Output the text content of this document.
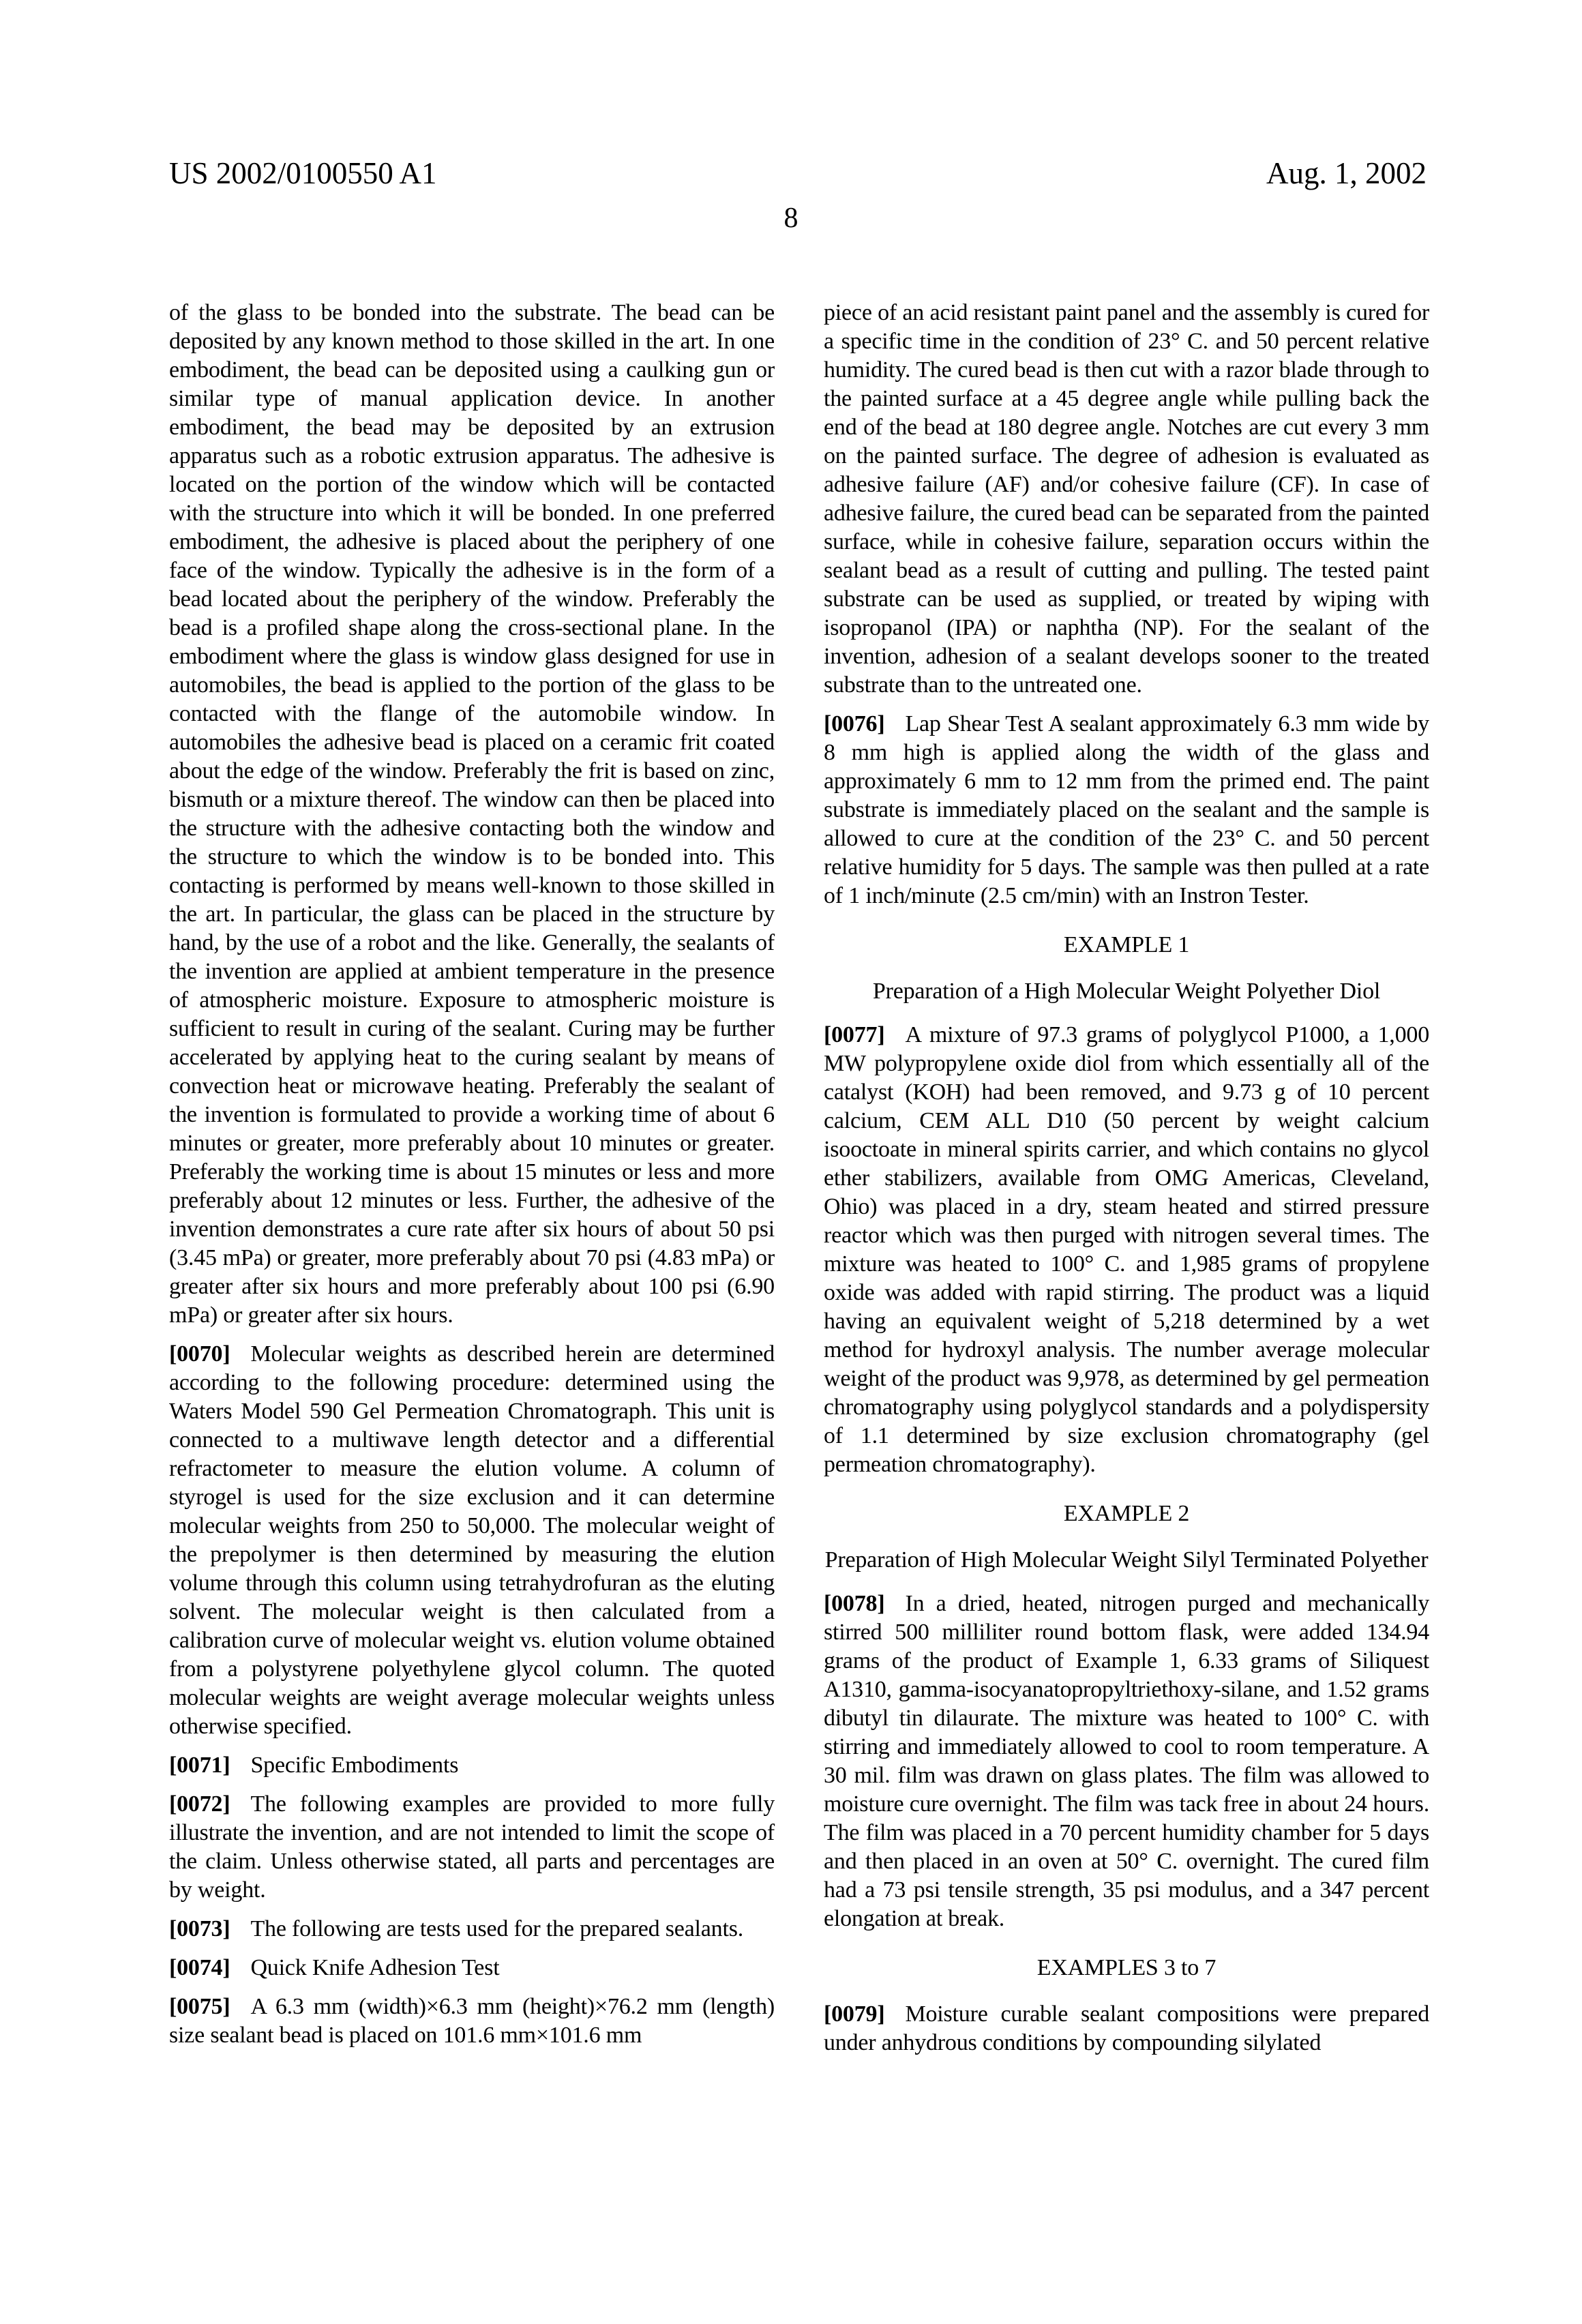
US 2002/0100550 A1	Aug. 1, 2002
8

of the glass to be bonded into the substrate. The bead can be deposited by any known method to those skilled in the art. In one embodiment, the bead can be deposited using a caulking gun or similar type of manual application device. In another embodiment, the bead may be deposited by an extrusion apparatus such as a robotic extrusion apparatus. The adhesive is located on the portion of the window which will be contacted with the structure into which it will be bonded. In one preferred embodiment, the adhesive is placed about the periphery of one face of the window. Typically the adhesive is in the form of a bead located about the periphery of the window. Preferably the bead is a profiled shape along the cross-sectional plane. In the embodiment where the glass is window glass designed for use in automobiles, the bead is applied to the portion of the glass to be contacted with the flange of the automobile window. In automobiles the adhesive bead is placed on a ceramic frit coated about the edge of the window. Preferably the frit is based on zinc, bismuth or a mixture thereof. The window can then be placed into the structure with the adhesive contacting both the window and the structure to which the window is to be bonded into. This contacting is performed by means well-known to those skilled in the art. In particular, the glass can be placed in the structure by hand, by the use of a robot and the like. Generally, the sealants of the invention are applied at ambient temperature in the presence of atmospheric moisture. Exposure to atmospheric moisture is sufficient to result in curing of the sealant. Curing may be further accelerated by applying heat to the curing sealant by means of convection heat or microwave heating. Preferably the sealant of the invention is formulated to provide a working time of about 6 minutes or greater, more preferably about 10 minutes or greater. Preferably the working time is about 15 minutes or less and more preferably about 12 minutes or less. Further, the adhesive of the invention demonstrates a cure rate after six hours of about 50 psi (3.45 mPa) or greater, more preferably about 70 psi (4.83 mPa) or greater after six hours and more preferably about 100 psi (6.90 mPa) or greater after six hours.

[0070] Molecular weights as described herein are determined according to the following procedure: determined using the Waters Model 590 Gel Permeation Chromatograph. This unit is connected to a multiwave length detector and a differential refractometer to measure the elution volume. A column of styrogel is used for the size exclusion and it can determine molecular weights from 250 to 50,000. The molecular weight of the prepolymer is then determined by measuring the elution volume through this column using tetrahydrofuran as the eluting solvent. The molecular weight is then calculated from a calibration curve of molecular weight vs. elution volume obtained from a polystyrene polyethylene glycol column. The quoted molecular weights are weight average molecular weights unless otherwise specified.

[0071] Specific Embodiments

[0072] The following examples are provided to more fully illustrate the invention, and are not intended to limit the scope of the claim. Unless otherwise stated, all parts and percentages are by weight.

[0073] The following are tests used for the prepared sealants.

[0074] Quick Knife Adhesion Test

[0075] A 6.3 mm (width)×6.3 mm (height)×76.2 mm (length) size sealant bead is placed on 101.6 mm×101.6 mm

piece of an acid resistant paint panel and the assembly is cured for a specific time in the condition of 23° C. and 50 percent relative humidity. The cured bead is then cut with a razor blade through to the painted surface at a 45 degree angle while pulling back the end of the bead at 180 degree angle. Notches are cut every 3 mm on the painted surface. The degree of adhesion is evaluated as adhesive failure (AF) and/or cohesive failure (CF). In case of adhesive failure, the cured bead can be separated from the painted surface, while in cohesive failure, separation occurs within the sealant bead as a result of cutting and pulling. The tested paint substrate can be used as supplied, or treated by wiping with isopropanol (IPA) or naphtha (NP). For the sealant of the invention, adhesion of a sealant develops sooner to the treated substrate than to the untreated one.

[0076] Lap Shear Test A sealant approximately 6.3 mm wide by 8 mm high is applied along the width of the glass and approximately 6 mm to 12 mm from the primed end. The paint substrate is immediately placed on the sealant and the sample is allowed to cure at the condition of the 23° C. and 50 percent relative humidity for 5 days. The sample was then pulled at a rate of 1 inch/minute (2.5 cm/min) with an Instron Tester.

EXAMPLE 1
Preparation of a High Molecular Weight Polyether Diol

[0077] A mixture of 97.3 grams of polyglycol P1000, a 1,000 MW polypropylene oxide diol from which essentially all of the catalyst (KOH) had been removed, and 9.73 g of 10 percent calcium, CEM ALL D10 (50 percent by weight calcium isooctoate in mineral spirits carrier, and which contains no glycol ether stabilizers, available from OMG Americas, Cleveland, Ohio) was placed in a dry, steam heated and stirred pressure reactor which was then purged with nitrogen several times. The mixture was heated to 100° C. and 1,985 grams of propylene oxide was added with rapid stirring. The product was a liquid having an equivalent weight of 5,218 determined by a wet method for hydroxyl analysis. The number average molecular weight of the product was 9,978, as determined by gel permeation chromatography using polyglycol standards and a polydispersity of 1.1 determined by size exclusion chromatography (gel permeation chromatography).

EXAMPLE 2
Preparation of High Molecular Weight Silyl Terminated Polyether

[0078] In a dried, heated, nitrogen purged and mechanically stirred 500 milliliter round bottom flask, were added 134.94 grams of the product of Example 1, 6.33 grams of Siliquest A1310, gamma-isocyanatopropyltriethoxy-silane, and 1.52 grams dibutyl tin dilaurate. The mixture was heated to 100° C. with stirring and immediately allowed to cool to room temperature. A 30 mil. film was drawn on glass plates. The film was allowed to moisture cure overnight. The film was tack free in about 24 hours. The film was placed in a 70 percent humidity chamber for 5 days and then placed in an oven at 50° C. overnight. The cured film had a 73 psi tensile strength, 35 psi modulus, and a 347 percent elongation at break.

EXAMPLES 3 to 7

[0079] Moisture curable sealant compositions were prepared under anhydrous conditions by compounding silylated
